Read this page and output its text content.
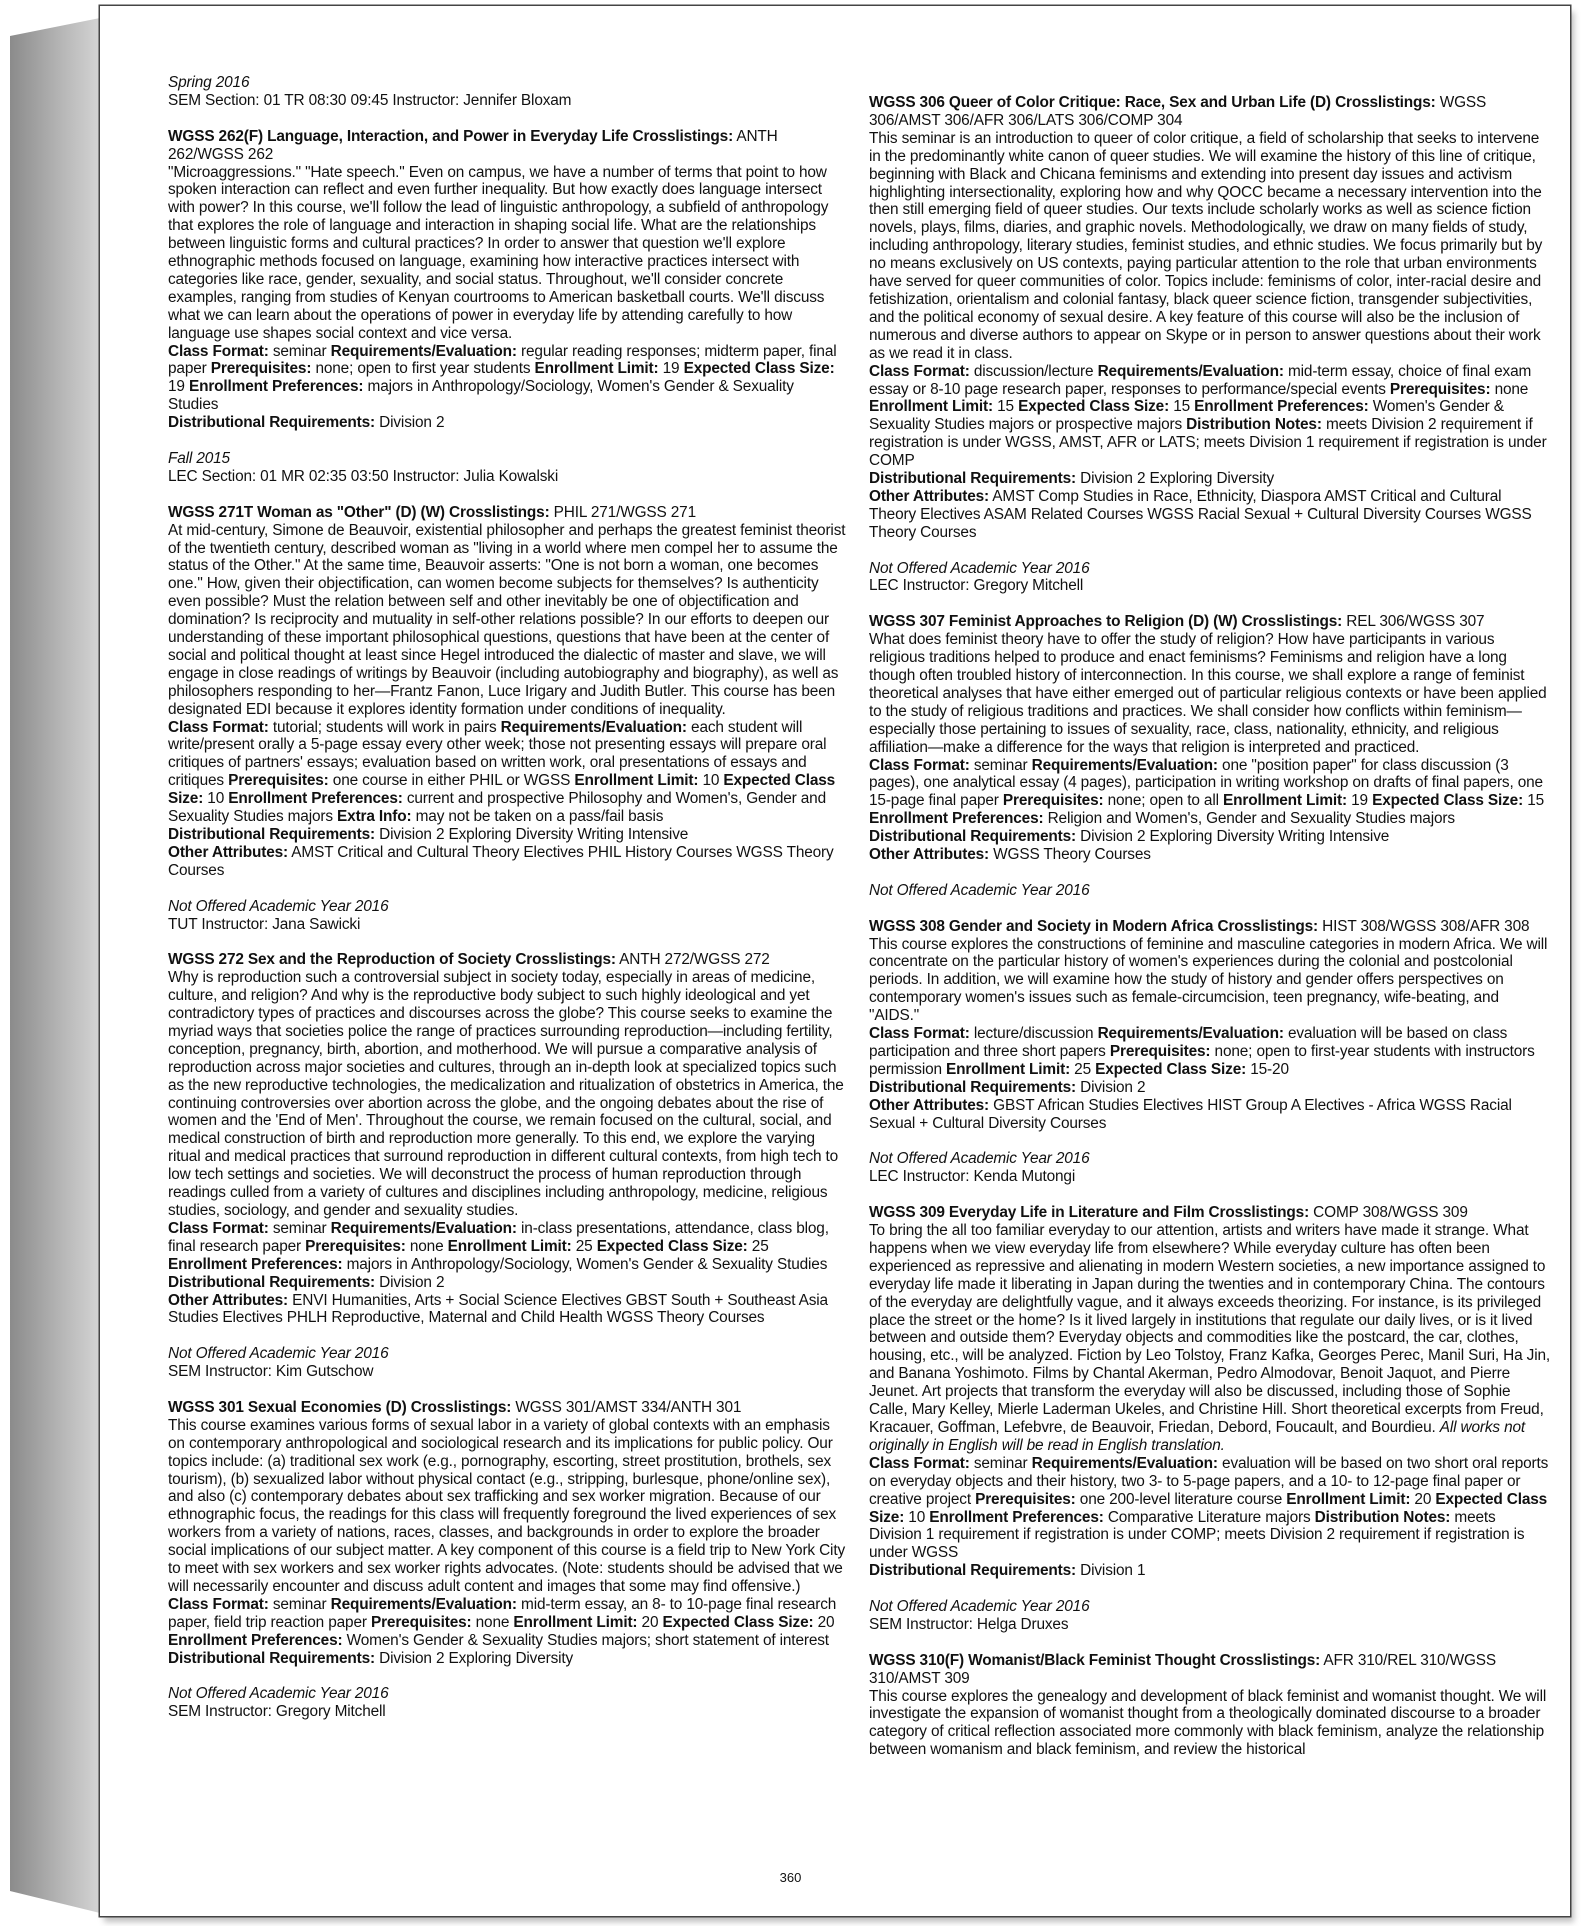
Spring 2016

SEM Section: 01 TR 08:30 09:45 Instructor: Jennifer Bloxam

WGSS 262(F) Language, Interaction, and Power in Everyday Life Crosslistings: ANTH 262/WGSS 262

"Microaggressions." "Hate speech." Even on campus, we have a number of terms that point to how spoken interaction can reflect and even further inequality. But how exactly does language intersect with power? In this course, we'll follow the lead of linguistic anthropology, a subfield of anthropology that explores the role of language and interaction in shaping social life. What are the relationships between linguistic forms and cultural practices? In order to answer that question we'll explore ethnographic methods focused on language, examining how interactive practices intersect with categories like race, gender, sexuality, and social status. Throughout, we'll consider concrete examples, ranging from studies of Kenyan courtrooms to American basketball courts. We'll discuss what we can learn about the operations of power in everyday life by attending carefully to how language use shapes social context and vice versa.

Class Format: seminar Requirements/Evaluation: regular reading responses; midterm paper, final paper Prerequisites: none; open to first year students Enrollment Limit: 19 Expected Class Size: 19 Enrollment Preferences: majors in Anthropology/Sociology, Women's Gender & Sexuality Studies

Distributional Requirements: Division 2

Fall 2015

LEC Section: 01 MR 02:35 03:50 Instructor: Julia Kowalski

WGSS 271T Woman as "Other" (D) (W) Crosslistings: PHIL 271/WGSS 271

At mid-century, Simone de Beauvoir, existential philosopher and perhaps the greatest feminist theorist of the twentieth century, described woman as "living in a world where men compel her to assume the status of the Other." At the same time, Beauvoir asserts: "One is not born a woman, one becomes one." How, given their objectification, can women become subjects for themselves? Is authenticity even possible? Must the relation between self and other inevitably be one of objectification and domination? Is reciprocity and mutuality in self-other relations possible? In our efforts to deepen our understanding of these important philosophical questions, questions that have been at the center of social and political thought at least since Hegel introduced the dialectic of master and slave, we will engage in close readings of writings by Beauvoir (including autobiography and biography), as well as philosophers responding to her—Frantz Fanon, Luce Irigary and Judith Butler. This course has been designated EDI because it explores identity formation under conditions of inequality.

Class Format: tutorial; students will work in pairs Requirements/Evaluation: each student will write/present orally a 5-page essay every other week; those not presenting essays will prepare oral critiques of partners' essays; evaluation based on written work, oral presentations of essays and critiques Prerequisites: one course in either PHIL or WGSS Enrollment Limit: 10 Expected Class Size: 10 Enrollment Preferences: current and prospective Philosophy and Women's, Gender and Sexuality Studies majors Extra Info: may not be taken on a pass/fail basis

Distributional Requirements: Division 2 Exploring Diversity Writing Intensive

Other Attributes: AMST Critical and Cultural Theory Electives PHIL History Courses WGSS Theory Courses

Not Offered Academic Year 2016

TUT Instructor: Jana Sawicki

WGSS 272 Sex and the Reproduction of Society Crosslistings: ANTH 272/WGSS 272

Why is reproduction such a controversial subject in society today, especially in areas of medicine, culture, and religion? And why is the reproductive body subject to such highly ideological and yet contradictory types of practices and discourses across the globe? This course seeks to examine the myriad ways that societies police the range of practices surrounding reproduction—including fertility, conception, pregnancy, birth, abortion, and motherhood. We will pursue a comparative analysis of reproduction across major societies and cultures, through an in-depth look at specialized topics such as the new reproductive technologies, the medicalization and ritualization of obstetrics in America, the continuing controversies over abortion across the globe, and the ongoing debates about the rise of women and the 'End of Men'. Throughout the course, we remain focused on the cultural, social, and medical construction of birth and reproduction more generally. To this end, we explore the varying ritual and medical practices that surround reproduction in different cultural contexts, from high tech to low tech settings and societies. We will deconstruct the process of human reproduction through readings culled from a variety of cultures and disciplines including anthropology, medicine, religious studies, sociology, and gender and sexuality studies.

Class Format: seminar Requirements/Evaluation: in-class presentations, attendance, class blog, final research paper Prerequisites: none Enrollment Limit: 25 Expected Class Size: 25 Enrollment Preferences: majors in Anthropology/Sociology, Women's Gender & Sexuality Studies

Distributional Requirements: Division 2

Other Attributes: ENVI Humanities, Arts + Social Science Electives GBST South + Southeast Asia Studies Electives PHLH Reproductive, Maternal and Child Health WGSS Theory Courses

Not Offered Academic Year 2016

SEM Instructor: Kim Gutschow

WGSS 301 Sexual Economies (D) Crosslistings: WGSS 301/AMST 334/ANTH 301

This course examines various forms of sexual labor in a variety of global contexts with an emphasis on contemporary anthropological and sociological research and its implications for public policy. Our topics include: (a) traditional sex work (e.g., pornography, escorting, street prostitution, brothels, sex tourism), (b) sexualized labor without physical contact (e.g., stripping, burlesque, phone/online sex), and also (c) contemporary debates about sex trafficking and sex worker migration. Because of our ethnographic focus, the readings for this class will frequently foreground the lived experiences of sex workers from a variety of nations, races, classes, and backgrounds in order to explore the broader social implications of our subject matter. A key component of this course is a field trip to New York City to meet with sex workers and sex worker rights advocates. (Note: students should be advised that we will necessarily encounter and discuss adult content and images that some may find offensive.)

Class Format: seminar Requirements/Evaluation: mid-term essay, an 8- to 10-page final research paper, field trip reaction paper Prerequisites: none Enrollment Limit: 20 Expected Class Size: 20 Enrollment Preferences: Women's Gender & Sexuality Studies majors; short statement of interest

Distributional Requirements: Division 2 Exploring Diversity

Not Offered Academic Year 2016

SEM Instructor: Gregory Mitchell

WGSS 306 Queer of Color Critique: Race, Sex and Urban Life (D) Crosslistings: WGSS 306/AMST 306/AFR 306/LATS 306/COMP 304

This seminar is an introduction to queer of color critique, a field of scholarship that seeks to intervene in the predominantly white canon of queer studies. We will examine the history of this line of critique, beginning with Black and Chicana feminisms and extending into present day issues and activism highlighting intersectionality, exploring how and why QOCC became a necessary intervention into the then still emerging field of queer studies. Our texts include scholarly works as well as science fiction novels, plays, films, diaries, and graphic novels. Methodologically, we draw on many fields of study, including anthropology, literary studies, feminist studies, and ethnic studies. We focus primarily but by no means exclusively on US contexts, paying particular attention to the role that urban environments have served for queer communities of color. Topics include: feminisms of color, inter-racial desire and fetishization, orientalism and colonial fantasy, black queer science fiction, transgender subjectivities, and the political economy of sexual desire. A key feature of this course will also be the inclusion of numerous and diverse authors to appear on Skype or in person to answer questions about their work as we read it in class.

Class Format: discussion/lecture Requirements/Evaluation: mid-term essay, choice of final exam essay or 8-10 page research paper, responses to performance/special events Prerequisites: none Enrollment Limit: 15 Expected Class Size: 15 Enrollment Preferences: Women's Gender & Sexuality Studies majors or prospective majors Distribution Notes: meets Division 2 requirement if registration is under WGSS, AMST, AFR or LATS; meets Division 1 requirement if registration is under COMP

Distributional Requirements: Division 2 Exploring Diversity

Other Attributes: AMST Comp Studies in Race, Ethnicity, Diaspora AMST Critical and Cultural Theory Electives ASAM Related Courses WGSS Racial Sexual + Cultural Diversity Courses WGSS Theory Courses

Not Offered Academic Year 2016

LEC Instructor: Gregory Mitchell

WGSS 307 Feminist Approaches to Religion (D) (W) Crosslistings: REL 306/WGSS 307

What does feminist theory have to offer the study of religion? How have participants in various religious traditions helped to produce and enact feminisms? Feminisms and religion have a long though often troubled history of interconnection. In this course, we shall explore a range of feminist theoretical analyses that have either emerged out of particular religious contexts or have been applied to the study of religious traditions and practices. We shall consider how conflicts within feminism—especially those pertaining to issues of sexuality, race, class, nationality, ethnicity, and religious affiliation—make a difference for the ways that religion is interpreted and practiced.

Class Format: seminar Requirements/Evaluation: one "position paper" for class discussion (3 pages), one analytical essay (4 pages), participation in writing workshop on drafts of final papers, one 15-page final paper Prerequisites: none; open to all Enrollment Limit: 19 Expected Class Size: 15 Enrollment Preferences: Religion and Women's, Gender and Sexuality Studies majors

Distributional Requirements: Division 2 Exploring Diversity Writing Intensive

Other Attributes: WGSS Theory Courses

Not Offered Academic Year 2016

WGSS 308 Gender and Society in Modern Africa Crosslistings: HIST 308/WGSS 308/AFR 308

This course explores the constructions of feminine and masculine categories in modern Africa. We will concentrate on the particular history of women's experiences during the colonial and postcolonial periods. In addition, we will examine how the study of history and gender offers perspectives on contemporary women's issues such as female-circumcision, teen pregnancy, wife-beating, and "AIDS."

Class Format: lecture/discussion Requirements/Evaluation: evaluation will be based on class participation and three short papers Prerequisites: none; open to first-year students with instructors permission Enrollment Limit: 25 Expected Class Size: 15-20

Distributional Requirements: Division 2

Other Attributes: GBST African Studies Electives HIST Group A Electives - Africa WGSS Racial Sexual + Cultural Diversity Courses

Not Offered Academic Year 2016

LEC Instructor: Kenda Mutongi

WGSS 309 Everyday Life in Literature and Film Crosslistings: COMP 308/WGSS 309

To bring the all too familiar everyday to our attention, artists and writers have made it strange. What happens when we view everyday life from elsewhere? While everyday culture has often been experienced as repressive and alienating in modern Western societies, a new importance assigned to everyday life made it liberating in Japan during the twenties and in contemporary China. The contours of the everyday are delightfully vague, and it always exceeds theorizing. For instance, is its privileged place the street or the home? Is it lived largely in institutions that regulate our daily lives, or is it lived between and outside them? Everyday objects and commodities like the postcard, the car, clothes, housing, etc., will be analyzed. Fiction by Leo Tolstoy, Franz Kafka, Georges Perec, Manil Suri, Ha Jin, and Banana Yoshimoto. Films by Chantal Akerman, Pedro Almodovar, Benoit Jaquot, and Pierre Jeunet. Art projects that transform the everyday will also be discussed, including those of Sophie Calle, Mary Kelley, Mierle Laderman Ukeles, and Christine Hill. Short theoretical excerpts from Freud, Kracauer, Goffman, Lefebvre, de Beauvoir, Friedan, Debord, Foucault, and Bourdieu. All works not originally in English will be read in English translation.

Class Format: seminar Requirements/Evaluation: evaluation will be based on two short oral reports on everyday objects and their history, two 3- to 5-page papers, and a 10- to 12-page final paper or creative project Prerequisites: one 200-level literature course Enrollment Limit: 20 Expected Class Size: 10 Enrollment Preferences: Comparative Literature majors Distribution Notes: meets Division 1 requirement if registration is under COMP; meets Division 2 requirement if registration is under WGSS

Distributional Requirements: Division 1

Not Offered Academic Year 2016

SEM Instructor: Helga Druxes

WGSS 310(F) Womanist/Black Feminist Thought Crosslistings: AFR 310/REL 310/WGSS 310/AMST 309

This course explores the genealogy and development of black feminist and womanist thought. We will investigate the expansion of womanist thought from a theologically dominated discourse to a broader category of critical reflection associated more commonly with black feminism, analyze the relationship between womanism and black feminism, and review the historical

360
